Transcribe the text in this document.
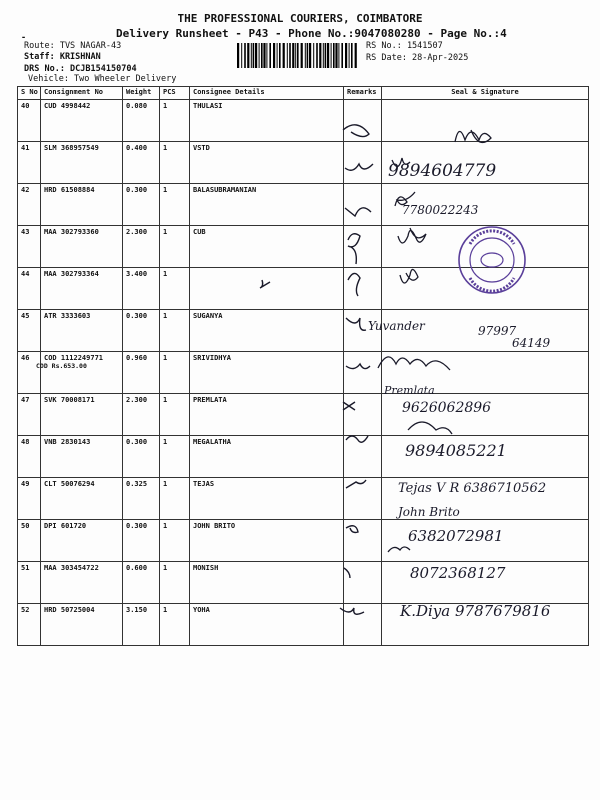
THE PROFESSIONAL COURIERS, COIMBATORE
Delivery Runsheet - P43 - Phone No.:9047080280 - Page No.:4
-
Route: TVS NAGAR-43
Staff: KRISHNAN
DRS No.: DCJB154150704
Vehicle: Two Wheeler Delivery
RS No.: 1541507
RS Date: 28-Apr-2025
S No	Consignment No	Weight	PCS	Consignee Details	Remarks	Seal & Signature
40	CUD 4998442	0.080	1	THULASI		
41	SLM 368957549	0.400	1	VSTD		
42	HRD 61508884	0.300	1	BALASUBRAMANIAN		
43	MAA 302793360	2.300	1	CUB		
44	MAA 302793364	3.400	1			
45	ATR 3333603	0.300	1	SUGANYA		
46	COD 1112249771	0.960	1	SRIVIDHYA		
47	SVK 70008171	2.300	1	PREMLATA		
48	VNB 2830143	0.300	1	MEGALATHA		
49	CLT 50076294	0.325	1	TEJAS		
50	DPI 601720	0.300	1	JOHN BRITO		
51	MAA 303454722	0.600	1	MONISH		
52	HRD 50725004	3.150	1	YOHA		
COD Rs.653.00
9894604779
7780022243
Yuvander	97997
64149
Premlata
9626062896
9894085221
Tejas V R 6386710562
John Brito
6382072981
8072368127
K.Diya 9787679816
